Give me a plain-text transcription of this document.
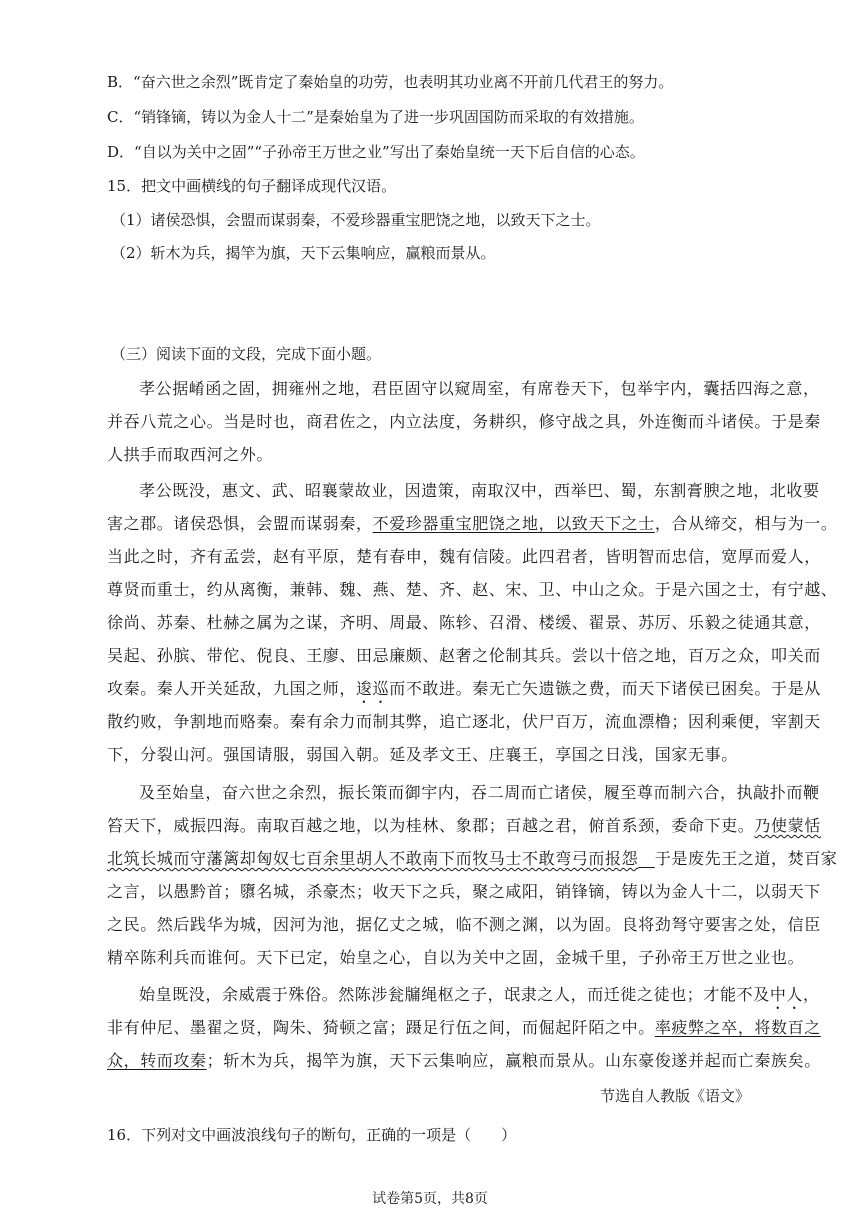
B．“奋六世之余烈”既肯定了秦始皇的功劳，也表明其功业离不开前几代君王的努力。
C．“销锋镝，铸以为金人十二”是秦始皇为了进一步巩固国防而采取的有效措施。
D．“自以为关中之固”“子孙帝王万世之业”写出了秦始皇统一天下后自信的心态。
15．把文中画横线的句子翻译成现代汉语。
（1）诸侯恐惧，会盟而谋弱秦，不爱珍器重宝肥饶之地，以致天下之士。
（2）斩木为兵，揭竿为旗，天下云集响应，赢粮而景从。
（三）阅读下面的文段，完成下面小题。
孝公据崤函之固，拥雍州之地，君臣固守以窥周室，有席卷天下，包举宇内，囊括四海之意，
并吞八荒之心。当是时也，商君佐之，内立法度，务耕织，修守战之具，外连衡而斗诸侯。于是秦
人拱手而取西河之外。
孝公既没，惠文、武、昭襄蒙故业，因遗策，南取汉中，西举巴、蜀，东割膏腴之地，北收要
害之郡。诸侯恐惧，会盟而谋弱秦，不爱珍器重宝肥饶之地，以致天下之士，合从缔交，相与为一。
当此之时，齐有孟尝，赵有平原，楚有春申，魏有信陵。此四君者，皆明智而忠信，宽厚而爱人，
尊贤而重士，约从离衡，兼韩、魏、燕、楚、齐、赵、宋、卫、中山之众。于是六国之士，有宁越、
徐尚、苏秦、杜赫之属为之谋，齐明、周最、陈轸、召滑、楼缓、翟景、苏厉、乐毅之徒通其意，
吴起、孙膑、带佗、倪良、王廖、田忌廉颇、赵奢之伦制其兵。尝以十倍之地，百万之众，叩关而
攻秦。秦人开关延敌，九国之师，逡巡而不敢进。秦无亡矢遗镞之费，而天下诸侯已困矣。于是从
散约败，争割地而赂秦。秦有余力而制其弊，追亡逐北，伏尸百万，流血漂橹；因利乘便，宰割天
下，分裂山河。强国请服，弱国入朝。延及孝文王、庄襄王，享国之日浅，国家无事。
及至始皇，奋六世之余烈，振长策而御宇内，吞二周而亡诸侯，履至尊而制六合，执敲扑而鞭
笞天下，威振四海。南取百越之地，以为桂林、象郡；百越之君，俯首系颈，委命下吏。乃使蒙恬
北筑长城而守藩篱却匈奴七百余里胡人不敢南下而牧马士不敢弯弓而报怨　 于是废先王之道，焚百家
之言，以愚黔首；隳名城，杀豪杰；收天下之兵，聚之咸阳，销锋镝，铸以为金人十二，以弱天下
之民。然后践华为城，因河为池，据亿丈之城，临不测之渊，以为固。良将劲弩守要害之处，信臣
精卒陈利兵而谁何。天下已定，始皇之心，自以为关中之固，金城千里，子孙帝王万世之业也。
始皇既没，余威震于殊俗。然陈涉瓮牖绳枢之子，氓隶之人，而迁徙之徒也；才能不及中人，
非有仲尼、墨翟之贤，陶朱、猗顿之富；蹑足行伍之间，而倔起阡陌之中。率疲弊之卒，将数百之
众，转而攻秦；斩木为兵，揭竿为旗，天下云集响应，赢粮而景从。山东豪俊遂并起而亡秦族矣。
节选自人教版《语文》
16．下列对文中画波浪线句子的断句，正确的一项是（　　）
试卷第5页，共8页
